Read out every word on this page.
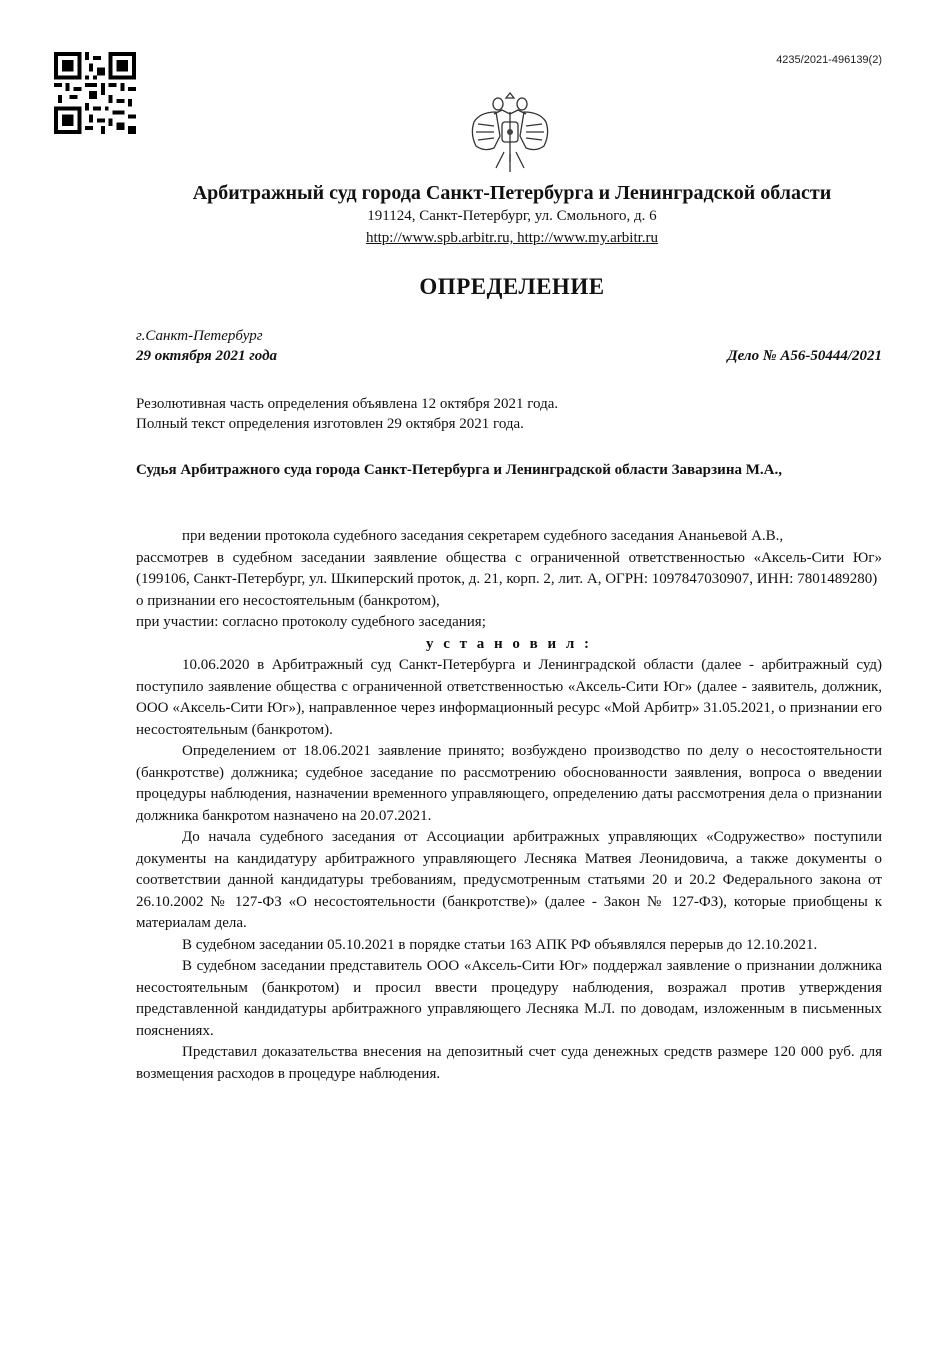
4235/2021-496139(2)
Арбитражный суд города Санкт-Петербурга и Ленинградской области
191124, Санкт-Петербург, ул. Смольного, д. 6
http://www.spb.arbitr.ru, http://www.my.arbitr.ru
ОПРЕДЕЛЕНИЕ
г.Санкт-Петербург
29 октября 2021 года	Дело № А56-50444/2021
Резолютивная часть определения объявлена 12 октября 2021 года.
Полный текст определения изготовлен 29 октября 2021 года.
Судья Арбитражного суда города Санкт-Петербурга и Ленинградской области Заварзина М.А.,

при ведении протокола судебного заседания секретарем судебного заседания Ананьевой А.В.,

рассмотрев в судебном заседании заявление общества с ограниченной ответственностью «Аксель-Сити Юг» (199106, Санкт-Петербург, ул. Шкиперский проток, д. 21, корп. 2, лит. А, ОГРН: 1097847030907, ИНН: 7801489280)

о признании его несостоятельным (банкротом),

при участии: согласно протоколу судебного заседания;

у с т а н о в и л :

10.06.2020 в Арбитражный суд Санкт-Петербурга и Ленинградской области (далее - арбитражный суд) поступило заявление общества с ограниченной ответственностью «Аксель-Сити Юг» (далее - заявитель, должник, ООО «Аксель-Сити Юг»), направленное через информационный ресурс «Мой Арбитр» 31.05.2021, о признании его несостоятельным (банкротом).

Определением от 18.06.2021 заявление принято; возбуждено производство по делу о несостоятельности (банкротстве) должника; судебное заседание по рассмотрению обоснованности заявления, вопроса о введении процедуры наблюдения, назначении временного управляющего, определению даты рассмотрения дела о признании должника банкротом назначено на 20.07.2021.

До начала судебного заседания от Ассоциации арбитражных управляющих «Содружество» поступили документы на кандидатуру арбитражного управляющего Лесняка Матвея Леонидовича, а также документы о соответствии данной кандидатуры требованиям, предусмотренным статьями 20 и 20.2 Федерального закона от 26.10.2002 № 127-ФЗ «О несостоятельности (банкротстве)» (далее - Закон № 127-ФЗ), которые приобщены к материалам дела.

В судебном заседании 05.10.2021 в порядке статьи 163 АПК РФ объявлялся перерыв до 12.10.2021.

В судебном заседании представитель ООО «Аксель-Сити Юг» поддержал заявление о признании должника несостоятельным (банкротом) и просил ввести процедуру наблюдения, возражал против утверждения представленной кандидатуры арбитражного управляющего Лесняка М.Л. по доводам, изложенным в письменных пояснениях.

Представил доказательства внесения на депозитный счет суда денежных средств размере 120 000 руб. для возмещения расходов в процедуре наблюдения.
